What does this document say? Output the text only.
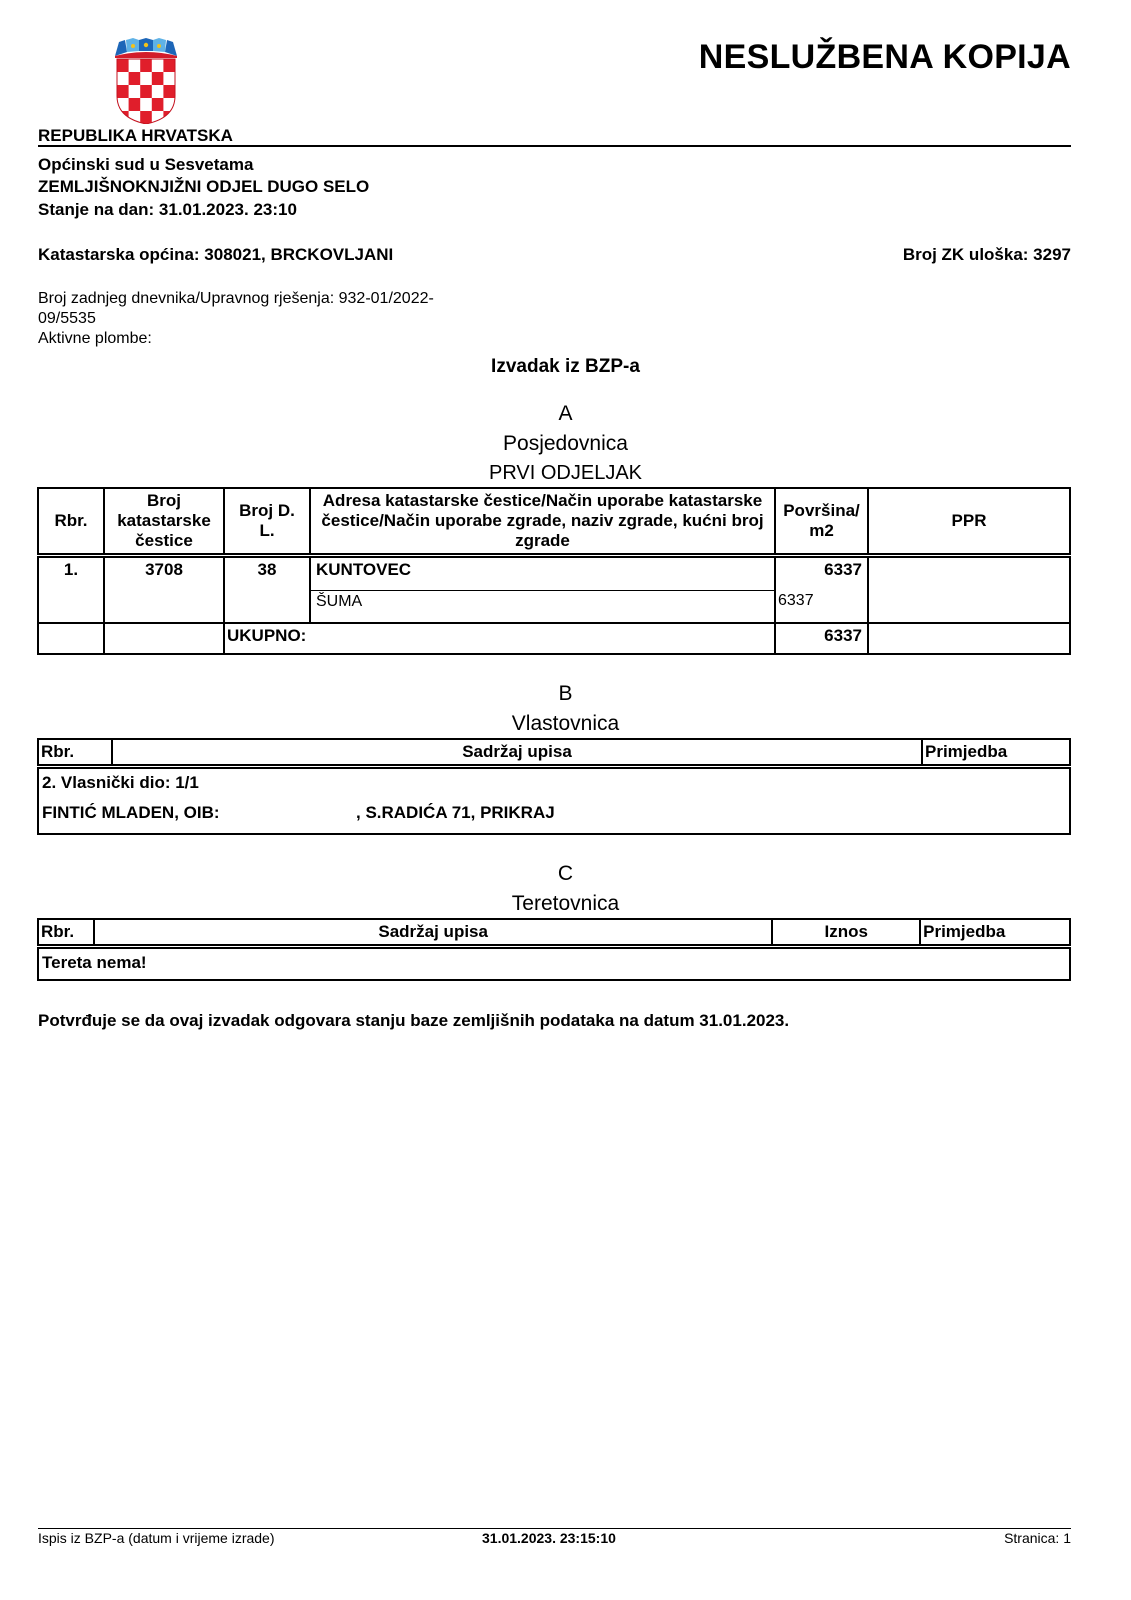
NESLUŽBENA KOPIJA
REPUBLIKA HRVATSKA
Općinski sud u Sesvetama
ZEMLJIŠNOKNJIŽNI ODJEL DUGO SELO
Stanje na dan: 31.01.2023. 23:10
Katastarska općina: 308021, BRCKOVLJANI	Broj ZK uloška: 3297
Broj zadnjeg dnevnika/Upravnog rješenja: 932-01/2022-
09/5535
Aktivne plombe:
Izvadak iz BZP-a
A
Posjedovnica
PRVI ODJELJAK
Rbr.	Broj katastarske čestice	Broj D. L.	Adresa katastarske čestice/Način uporabe katastarske čestice/Način uporabe zgrade, naziv zgrade, kućni broj zgrade	Površina/ m2	PPR
1.	3708	38	KUNTOVEC	6337	
			ŠUMA	6337	
		UKUPNO:		6337	
B
Vlastovnica
Rbr.	Sadržaj upisa	Primjedba

2. Vlasnički dio: 1/1
FINTIĆ MLADEN, OIB:	, S.RADIĆA 71, PRIKRAJ
C
Teretovnica
Rbr.	Sadržaj upisa	Iznos	Primjedba
Tereta nema!
Potvrđuje se da ovaj izvadak odgovara stanju baze zemljišnih podataka na datum 31.01.2023.
Ispis iz BZP-a (datum i vrijeme izrade)	31.01.2023. 23:15:10	Stranica: 1
